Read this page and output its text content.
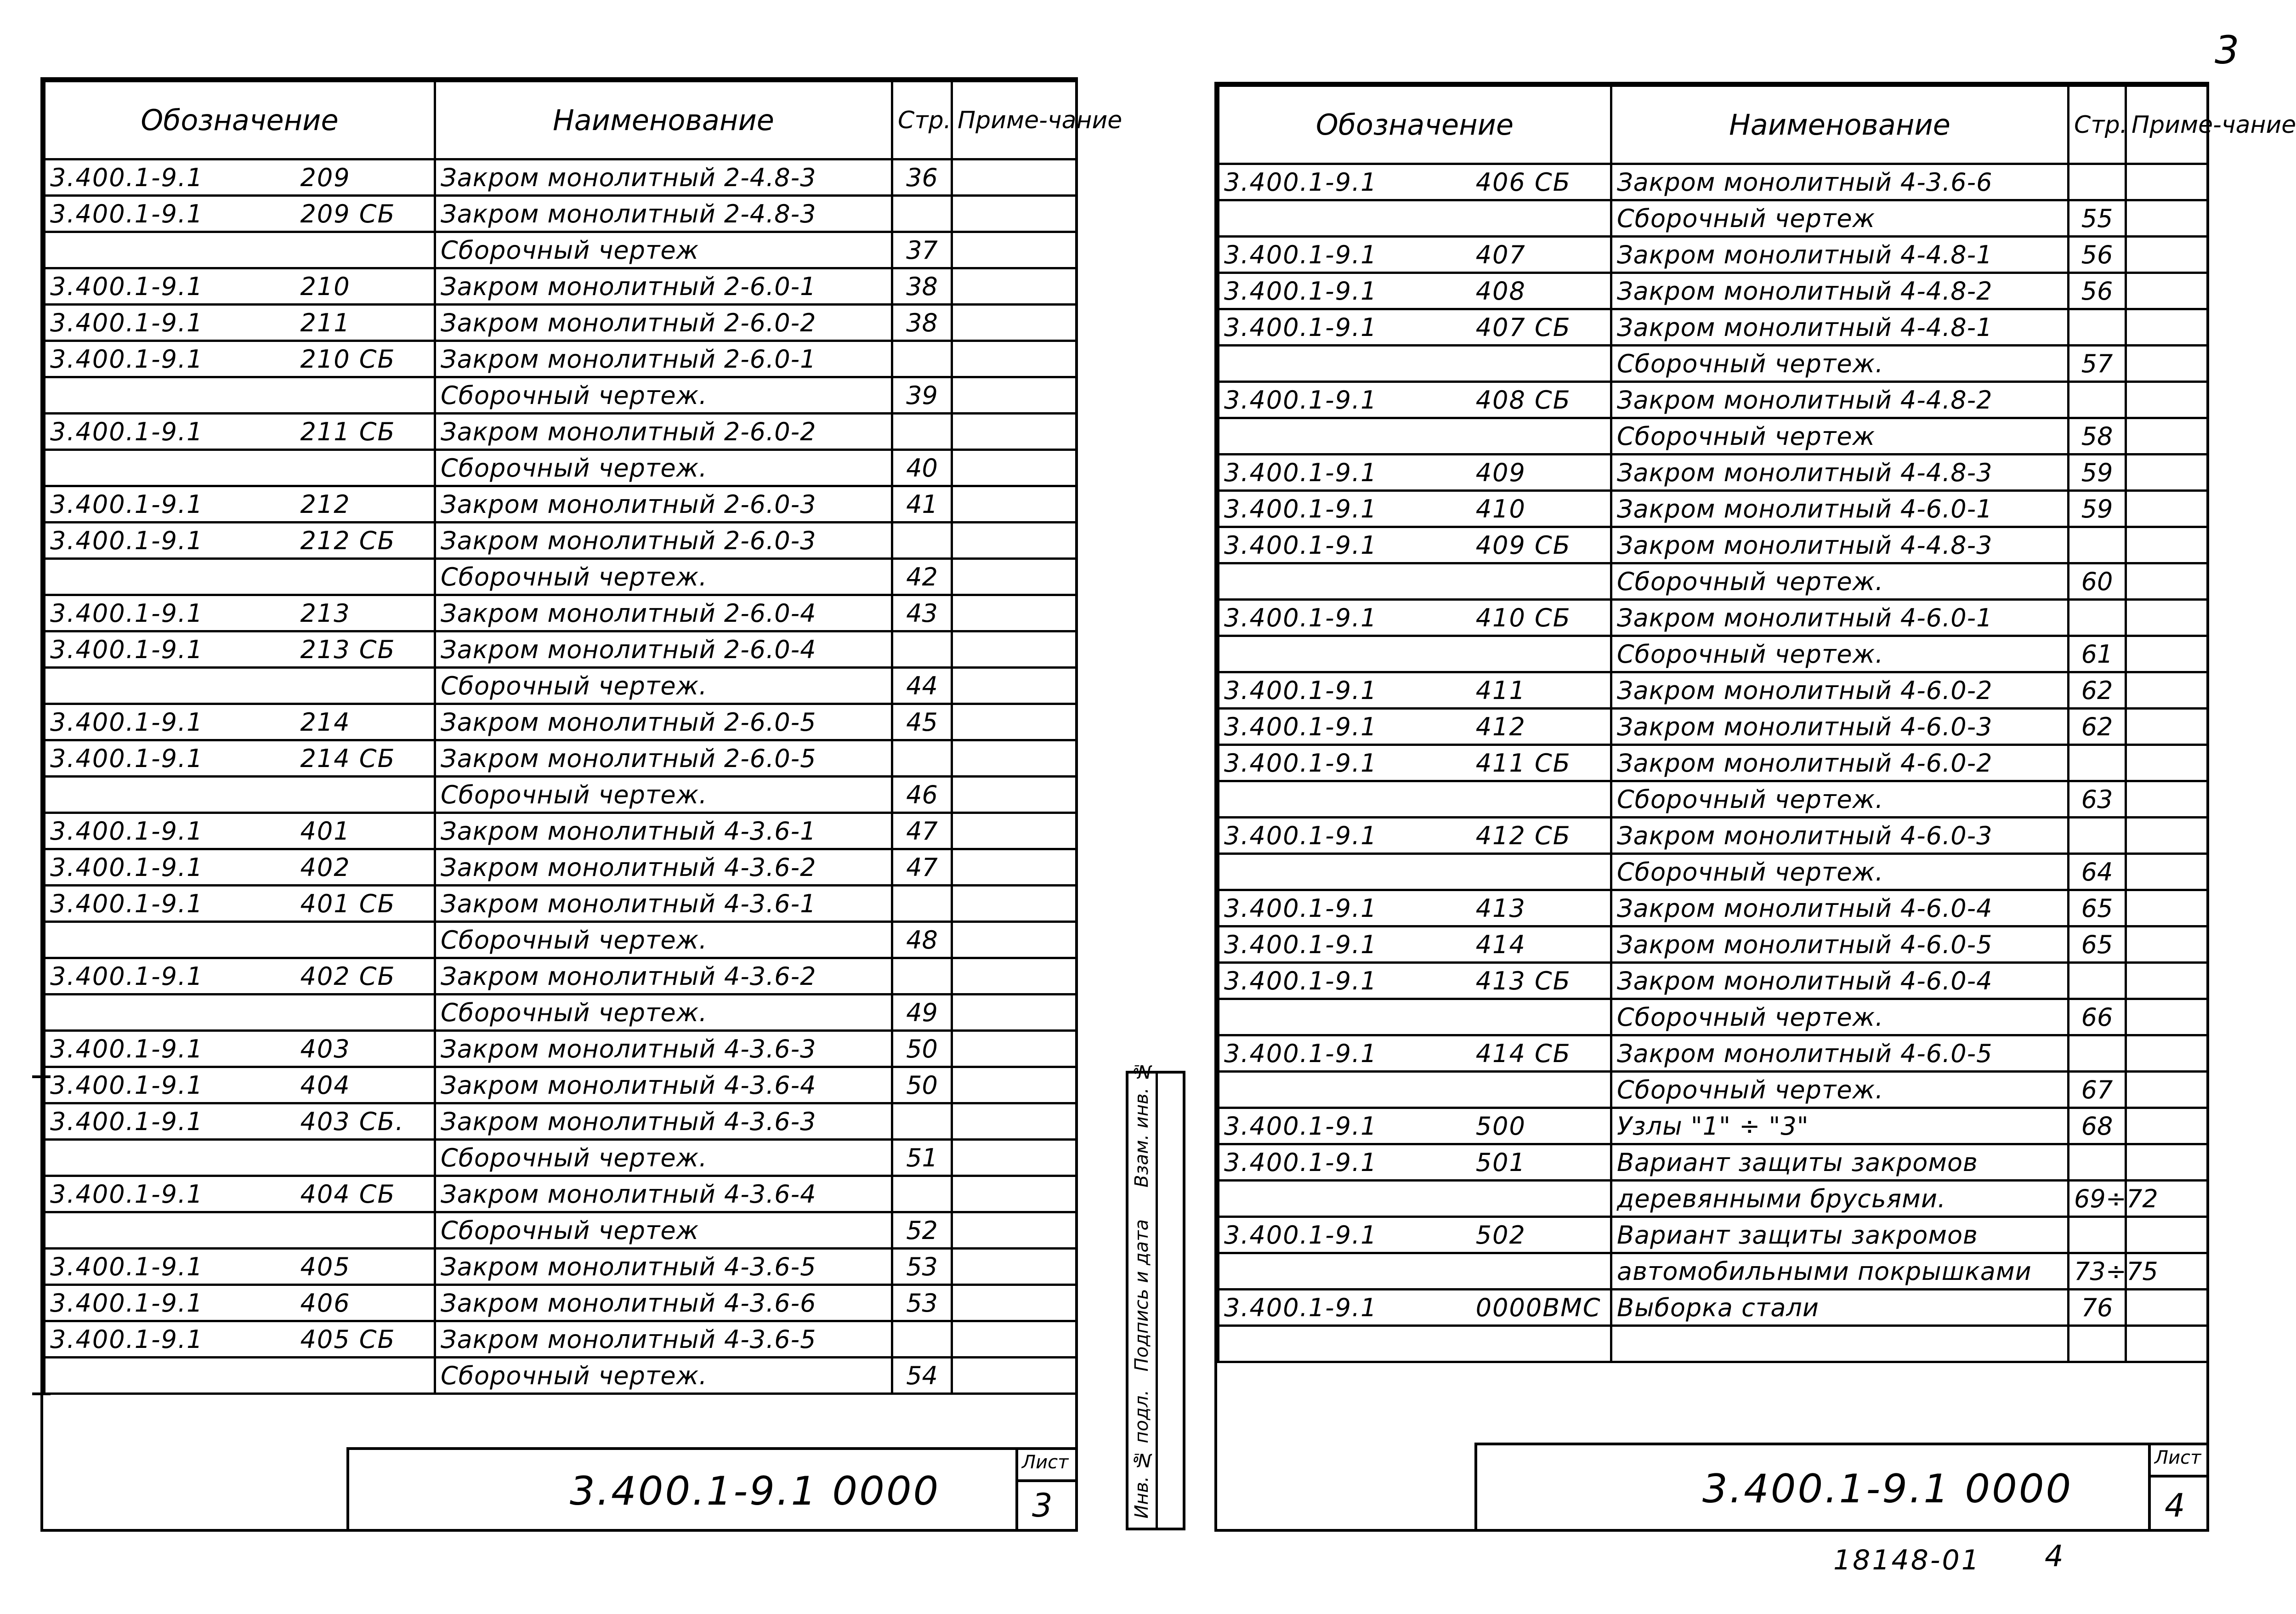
3
Обозначение	Наименование	Стр.	Приме-чание
3.400.1-9.1 209	Закром монолитный 2-4.8-3	36	
3.400.1-9.1 209 СБ	Закром монолитный 2-4.8-3		
	Сборочный чертеж	37	
3.400.1-9.1 210	Закром монолитный 2-6.0-1	38	
3.400.1-9.1 211	Закром монолитный 2-6.0-2	38	
3.400.1-9.1 210 СБ	Закром монолитный 2-6.0-1		
	Сборочный чертеж.	39	
3.400.1-9.1 211 СБ	Закром монолитный 2-6.0-2		
	Сборочный чертеж.	40	
3.400.1-9.1 212	Закром монолитный 2-6.0-3	41	
3.400.1-9.1 212 СБ	Закром монолитный 2-6.0-3		
	Сборочный чертеж.	42	
3.400.1-9.1 213	Закром монолитный 2-6.0-4	43	
3.400.1-9.1 213 СБ	Закром монолитный 2-6.0-4		
	Сборочный чертеж.	44	
3.400.1-9.1 214	Закром монолитный 2-6.0-5	45	
3.400.1-9.1 214 СБ	Закром монолитный 2-6.0-5		
	Сборочный чертеж.	46	
3.400.1-9.1 401	Закром монолитный 4-3.6-1	47	
3.400.1-9.1 402	Закром монолитный 4-3.6-2	47	
3.400.1-9.1 401 СБ	Закром монолитный 4-3.6-1		
	Сборочный чертеж.	48	
3.400.1-9.1 402 СБ	Закром монолитный 4-3.6-2		
	Сборочный чертеж.	49	
3.400.1-9.1 403	Закром монолитный 4-3.6-3	50	
3.400.1-9.1 404	Закром монолитный 4-3.6-4	50	
3.400.1-9.1 403 СБ.	Закром монолитный 4-3.6-3		
	Сборочный чертеж.	51	
3.400.1-9.1 404 СБ	Закром монолитный 4-3.6-4		
	Сборочный чертеж	52	
3.400.1-9.1 405	Закром монолитный 4-3.6-5	53	
3.400.1-9.1 406	Закром монолитный 4-3.6-6	53	
3.400.1-9.1 405 СБ	Закром монолитный 4-3.6-5		
	Сборочный чертеж.	54	
3.400.1-9.1 0000
Лист
3	Инв. № подл.
Подпись и дата
Взам. инв. №
Обозначение	Наименование	Стр.	Приме-чание
3.400.1-9.1 406 СБ	Закром монолитный 4-3.6-6		
	Сборочный чертеж	55	
3.400.1-9.1 407	Закром монолитный 4-4.8-1	56	
3.400.1-9.1 408	Закром монолитный 4-4.8-2	56	
3.400.1-9.1 407 СБ	Закром монолитный 4-4.8-1		
	Сборочный чертеж.	57	
3.400.1-9.1 408 СБ	Закром монолитный 4-4.8-2		
	Сборочный чертеж	58	
3.400.1-9.1 409	Закром монолитный 4-4.8-3	59	
3.400.1-9.1 410	Закром монолитный 4-6.0-1	59	
3.400.1-9.1 409 СБ	Закром монолитный 4-4.8-3		
	Сборочный чертеж.	60	
3.400.1-9.1 410 СБ	Закром монолитный 4-6.0-1		
	Сборочный чертеж.	61	
3.400.1-9.1 411	Закром монолитный 4-6.0-2	62	
3.400.1-9.1 412	Закром монолитный 4-6.0-3	62	
3.400.1-9.1 411 СБ	Закром монолитный 4-6.0-2		
	Сборочный чертеж.	63	
3.400.1-9.1 412 СБ	Закром монолитный 4-6.0-3		
	Сборочный чертеж.	64	
3.400.1-9.1 413	Закром монолитный 4-6.0-4	65	
3.400.1-9.1 414	Закром монолитный 4-6.0-5	65	
3.400.1-9.1 413 СБ	Закром монолитный 4-6.0-4		
	Сборочный чертеж.	66	
3.400.1-9.1 414 СБ	Закром монолитный 4-6.0-5		
	Сборочный чертеж.	67	
3.400.1-9.1 500	Узлы "1" ÷ "3"	68	
3.400.1-9.1 501	Вариант защиты закромов		
	деревянными брусьями.	69÷72	
3.400.1-9.1 502	Вариант защиты закромов		
	автомобильными покрышками	73÷75	
3.400.1-9.1 0000ВМС	Выборка стали	76	

3.400.1-9.1 0000
Лист
4
18148-01 4
